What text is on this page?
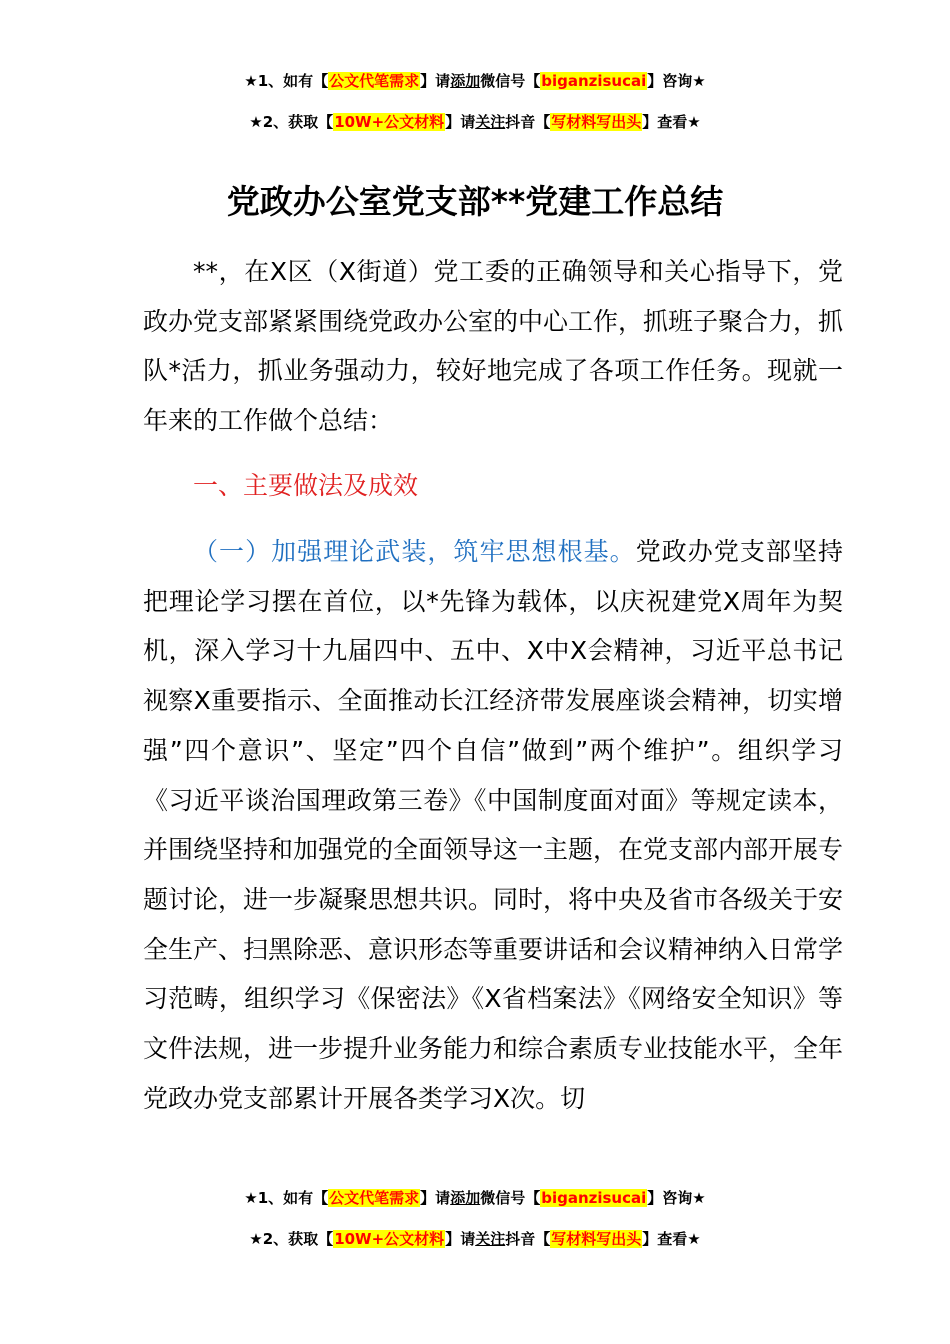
★1、如有【公文代笔需求】请添加微信号【biganzisucai】咨询★
★2、获取【10W+公文材料】请关注抖音【写材料写出头】查看★
党政办公室党支部**党建工作总结

**，在X区（X街道）党工委的正确领导和关心指导下，党政办党支部紧紧围绕党政办公室的中心工作，抓班子聚合力，抓队*活力，抓业务强动力，较好地完成了各项工作任务。现就一年来的工作做个总结：

一、主要做法及成效

（一）加强理论武装，筑牢思想根基。党政办党支部坚持把理论学习摆在首位，以*先锋为载体，以庆祝建党X周年为契机，深入学习十九届四中、五中、X中X会精神，习近平总书记视察X重要指示、全面推动长江经济带发展座谈会精神，切实增强”四个意识”、坚定”四个自信”做到”两个维护”。组织学习《习近平谈治国理政第三卷》《中国制度面对面》等规定读本，并围绕坚持和加强党的全面领导这一主题，在党支部内部开展专题讨论，进一步凝聚思想共识。同时，将中央及省市各级关于安全生产、扫黑除恶、意识形态等重要讲话和会议精神纳入日常学习范畴，组织学习《保密法》《X省档案法》《网络安全知识》等文件法规，进一步提升业务能力和综合素质专业技能水平，全年党政办党支部累计开展各类学习X次。切

★1、如有【公文代笔需求】请添加微信号【biganzisucai】咨询★
★2、获取【10W+公文材料】请关注抖音【写材料写出头】查看★
